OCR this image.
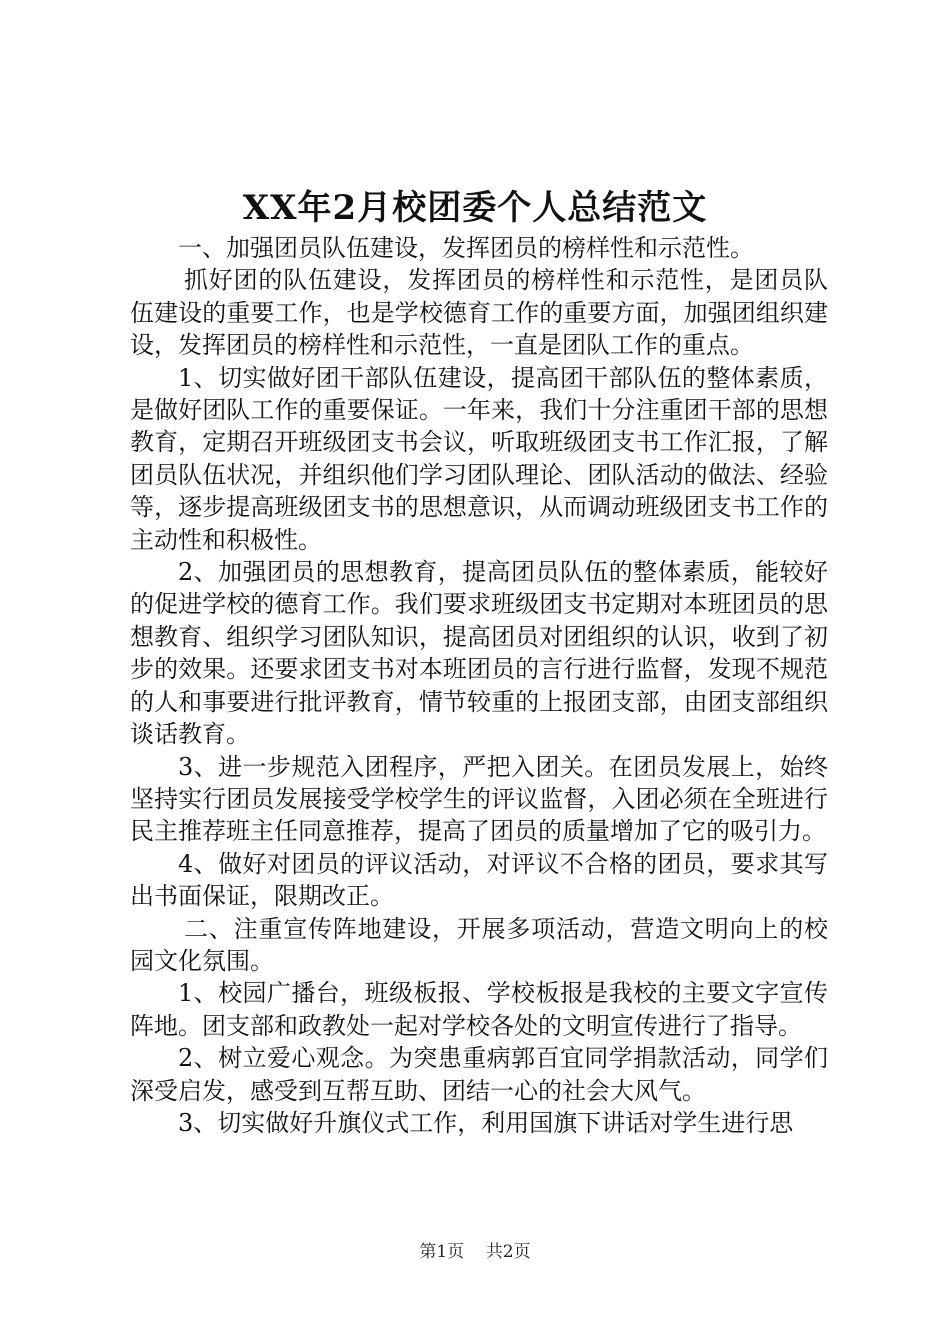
XX年2月校团委个人总结范文

一、加强团员队伍建设，发挥团员的榜样性和示范性。

抓好团的队伍建设，发挥团员的榜样性和示范性，是团员队伍建设的重要工作，也是学校德育工作的重要方面，加强团组织建设，发挥团员的榜样性和示范性，一直是团队工作的重点。

1、切实做好团干部队伍建设，提高团干部队伍的整体素质，是做好团队工作的重要保证。一年来，我们十分注重团干部的思想教育，定期召开班级团支书会议，听取班级团支书工作汇报，了解团员队伍状况，并组织他们学习团队理论、团队活动的做法、经验等，逐步提高班级团支书的思想意识，从而调动班级团支书工作的主动性和积极性。

2、加强团员的思想教育，提高团员队伍的整体素质，能较好的促进学校的德育工作。我们要求班级团支书定期对本班团员的思想教育、组织学习团队知识，提高团员对团组织的认识，收到了初步的效果。还要求团支书对本班团员的言行进行监督，发现不规范的人和事要进行批评教育，情节较重的上报团支部，由团支部组织谈话教育。

3、进一步规范入团程序，严把入团关。在团员发展上，始终坚持实行团员发展接受学校学生的评议监督，入团必须在全班进行民主推荐班主任同意推荐，提高了团员的质量增加了它的吸引力。

4、做好对团员的评议活动，对评议不合格的团员，要求其写出书面保证，限期改正。

二、注重宣传阵地建设，开展多项活动，营造文明向上的校园文化氛围。

1、校园广播台，班级板报、学校板报是我校的主要文字宣传阵地。团支部和政教处一起对学校各处的文明宣传进行了指导。

2、树立爱心观念。为突患重病郭百宜同学捐款活动，同学们深受启发，感受到互帮互助、团结一心的社会大风气。

3、切实做好升旗仪式工作，利用国旗下讲话对学生进行思

第1页 共2页
